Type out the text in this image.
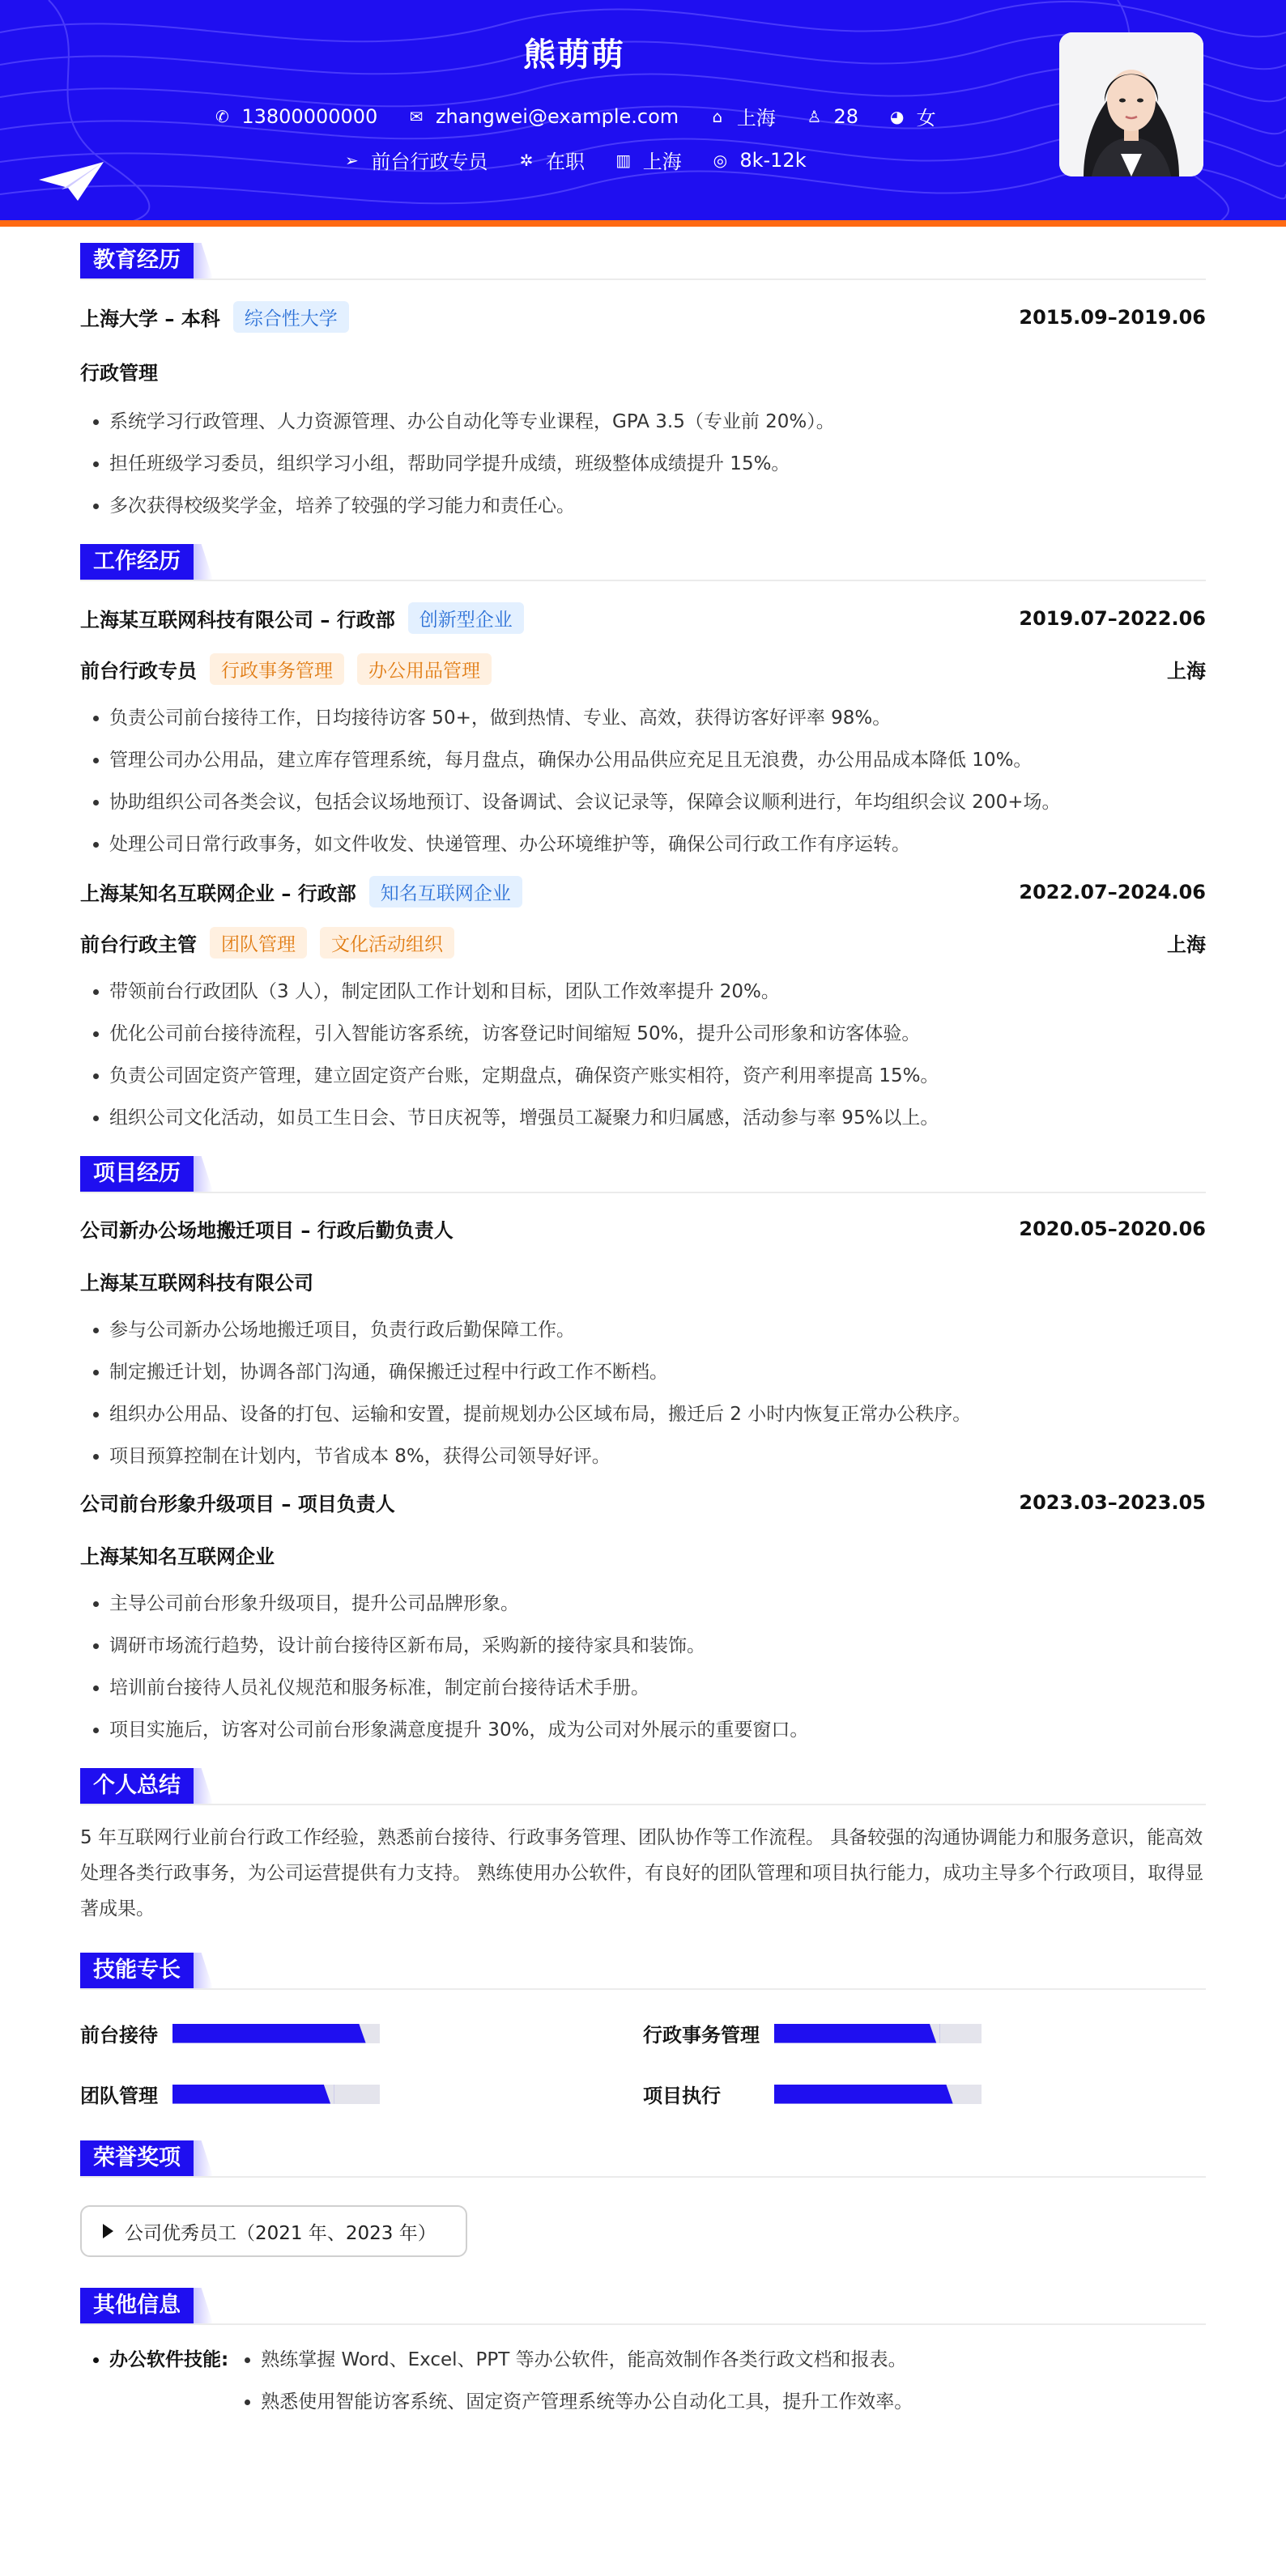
熊萌萌
✆ 13800000000
✉ zhangwei@example.com
⌂ 上海
♙ 28
◕ 女
➢ 前台行政专员
✲ 在职
▥ 上海
◎ 8k-12k
教育经历
上海大学 – 本科	综合性大学	2015.09–2019.06
行政管理
• 系统学习行政管理、人力资源管理、办公自动化等专业课程，GPA 3.5（专业前 20%）。
• 担任班级学习委员，组织学习小组，帮助同学提升成绩，班级整体成绩提升 15%。
• 多次获得校级奖学金，培养了较强的学习能力和责任心。
工作经历
上海某互联网科技有限公司 – 行政部	创新型企业	2019.07–2022.06
前台行政专员	行政事务管理	办公用品管理	上海
• 负责公司前台接待工作，日均接待访客 50+，做到热情、专业、高效，获得访客好评率 98%。
• 管理公司办公用品，建立库存管理系统，每月盘点，确保办公用品供应充足且无浪费，办公用品成本降低 10%。
• 协助组织公司各类会议，包括会议场地预订、设备调试、会议记录等，保障会议顺利进行，年均组织会议 200+场。
• 处理公司日常行政事务，如文件收发、快递管理、办公环境维护等，确保公司行政工作有序运转。
上海某知名互联网企业 – 行政部	知名互联网企业	2022.07–2024.06
前台行政主管	团队管理	文化活动组织	上海
• 带领前台行政团队（3 人），制定团队工作计划和目标，团队工作效率提升 20%。
• 优化公司前台接待流程，引入智能访客系统，访客登记时间缩短 50%，提升公司形象和访客体验。
• 负责公司固定资产管理，建立固定资产台账，定期盘点，确保资产账实相符，资产利用率提高 15%。
• 组织公司文化活动，如员工生日会、节日庆祝等，增强员工凝聚力和归属感，活动参与率 95%以上。
项目经历
公司新办公场地搬迁项目 – 行政后勤负责人	2020.05–2020.06
上海某互联网科技有限公司
• 参与公司新办公场地搬迁项目，负责行政后勤保障工作。
• 制定搬迁计划，协调各部门沟通，确保搬迁过程中行政工作不断档。
• 组织办公用品、设备的打包、运输和安置，提前规划办公区域布局，搬迁后 2 小时内恢复正常办公秩序。
• 项目预算控制在计划内，节省成本 8%，获得公司领导好评。
公司前台形象升级项目 – 项目负责人	2023.03–2023.05
上海某知名互联网企业
• 主导公司前台形象升级项目，提升公司品牌形象。
• 调研市场流行趋势，设计前台接待区新布局，采购新的接待家具和装饰。
• 培训前台接待人员礼仪规范和服务标准，制定前台接待话术手册。
• 项目实施后，访客对公司前台形象满意度提升 30%，成为公司对外展示的重要窗口。
个人总结
5 年互联网行业前台行政工作经验，熟悉前台接待、行政事务管理、团队协作等工作流程。 具备较强的沟通协调能力和服务意识，能高效处理各类行政事务，为公司运营提供有力支持。 熟练使用办公软件，有良好的团队管理和项目执行能力，成功主导多个行政项目，取得显著成果。
技能专长
前台接待	行政事务管理
团队管理	项目执行
荣誉奖项
公司优秀员工（2021 年、2023 年）
其他信息
• 办公软件技能:
• 熟练掌握 Word、Excel、PPT 等办公软件，能高效制作各类行政文档和报表。
• 熟悉使用智能访客系统、固定资产管理系统等办公自动化工具，提升工作效率。
